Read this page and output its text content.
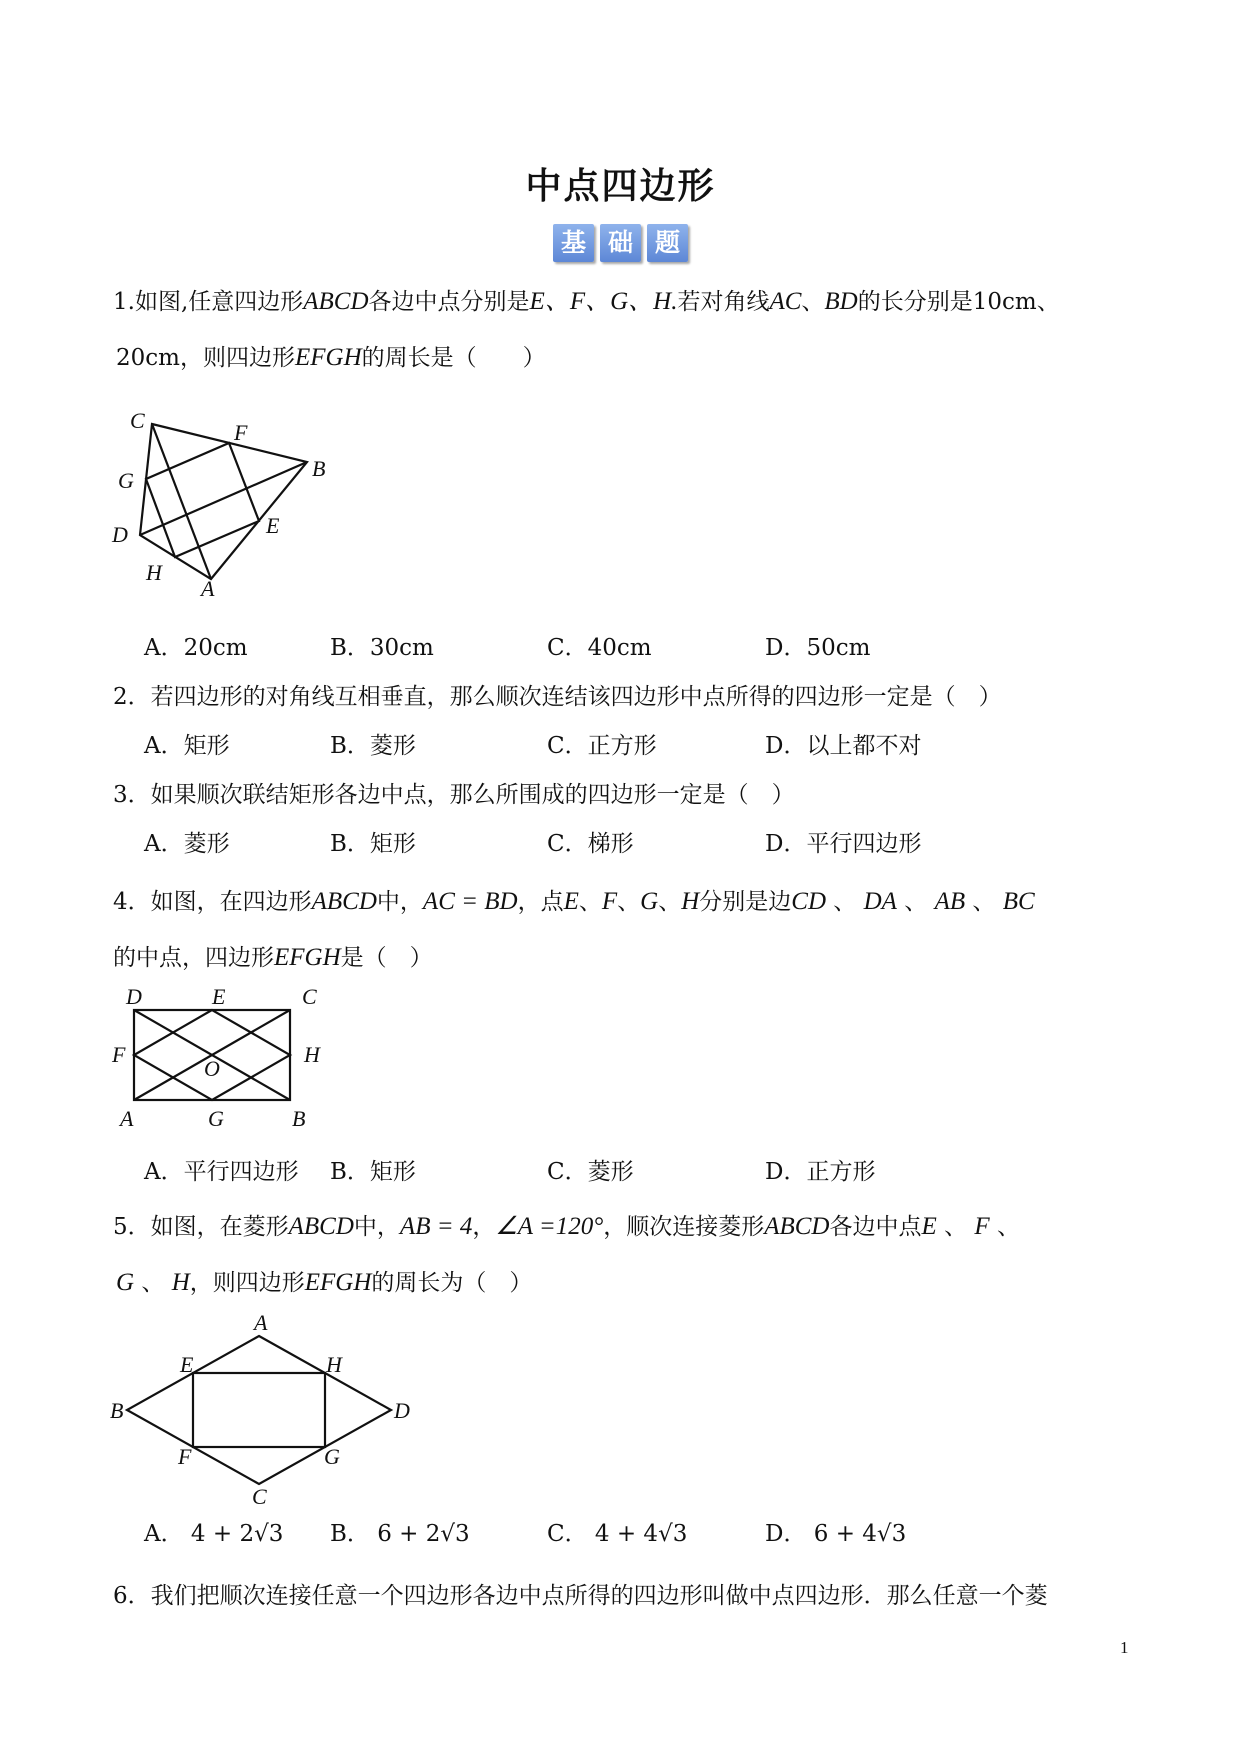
中点四边形
基 础 题
1.如图,任意四边形ABCD各边中点分别是E、F、G、H.若对角线AC、BD的长分别是10cm、
20cm，则四边形EFGH的周长是（　　）
C	F
B
G
E
D
H
A
A．20cm	B．30cm	C．40cm	D．50cm
2．若四边形的对角线互相垂直，那么顺次连结该四边形中点所得的四边形一定是（　）
A．矩形	B．菱形	C．正方形	D．以上都不对
3．如果顺次联结矩形各边中点，那么所围成的四边形一定是（　）
A．菱形	B．矩形	C．梯形	D．平行四边形
4．如图，在四边形ABCD中，AC = BD，点E、F、G、H分别是边CD 、 DA 、 AB 、 BC
的中点，四边形EFGH是（　）
D	E	C
F	H
O
A	G	B
A．平行四边形 B．矩形	C．菱形	D．正方形
5．如图，在菱形ABCD中，AB = 4，∠A =120°，顺次连接菱形ABCD各边中点E 、 F 、
G 、 H，则四边形EFGH的周长为（　）
A
E	H
B	D
F	G
C
A． 4 + 2√3 B． 6 + 2√3	C． 4 + 4√3	D． 6 + 4√3
6．我们把顺次连接任意一个四边形各边中点所得的四边形叫做中点四边形．那么任意一个菱
1
